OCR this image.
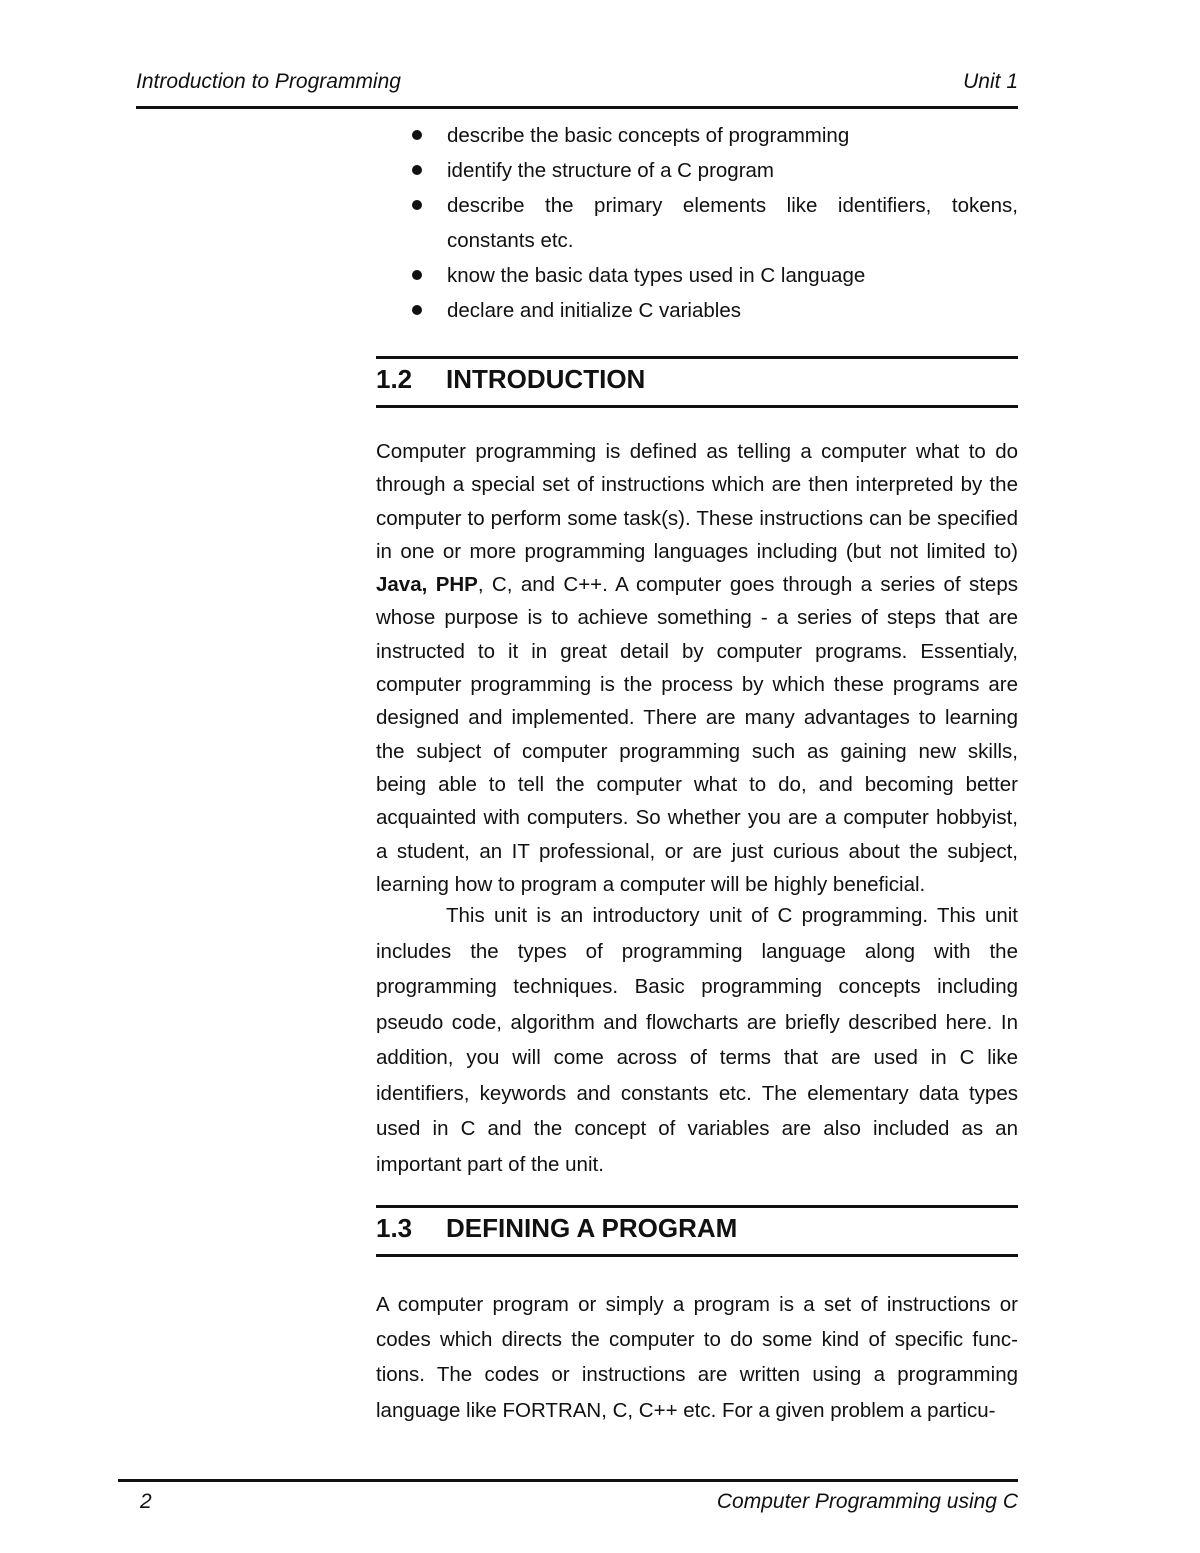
Introduction to Programming	Unit 1
describe the basic concepts of programming
identify the structure of a C program
describe the primary elements like identifiers, tokens, constants etc.
know the basic data types used in C language
declare and initialize C variables
1.2 INTRODUCTION

Computer programming is defined as telling a computer what to do through a special set of instructions which are then interpreted by the computer to perform some task(s). These instructions can be specified in one or more programming languages including (but not limited to) Java, PHP, C, and C++. A computer goes through a series of steps whose purpose is to achieve something - a series of steps that are instructed to it in great detail by computer programs. Essentialy, computer programming is the process by which these programs are designed and implemented. There are many advantages to learning the subject of computer programming such as gaining new skills, being able to tell the computer what to do, and becoming better acquainted with computers. So whether you are a computer hobbyist, a student, an IT professional, or are just curious about the subject, learning how to program a computer will be highly beneficial.

This unit is an introductory unit of C programming. This unit includes the types of programming language along with the programming techniques. Basic programming concepts including pseudo code, algorithm and flowcharts are briefly described here. In addition, you will come across of terms that are used in C like identifiers, keywords and constants etc. The elementary data types used in C and the concept of variables are also included as an important part of the unit.

1.3 DEFINING A PROGRAM

A computer program or simply a program is a set of instructions or codes which directs the computer to do some kind of specific func- tions. The codes or instructions are written using a programming language like FORTRAN, C, C++ etc. For a given problem a particu-

2	Computer Programming using C
